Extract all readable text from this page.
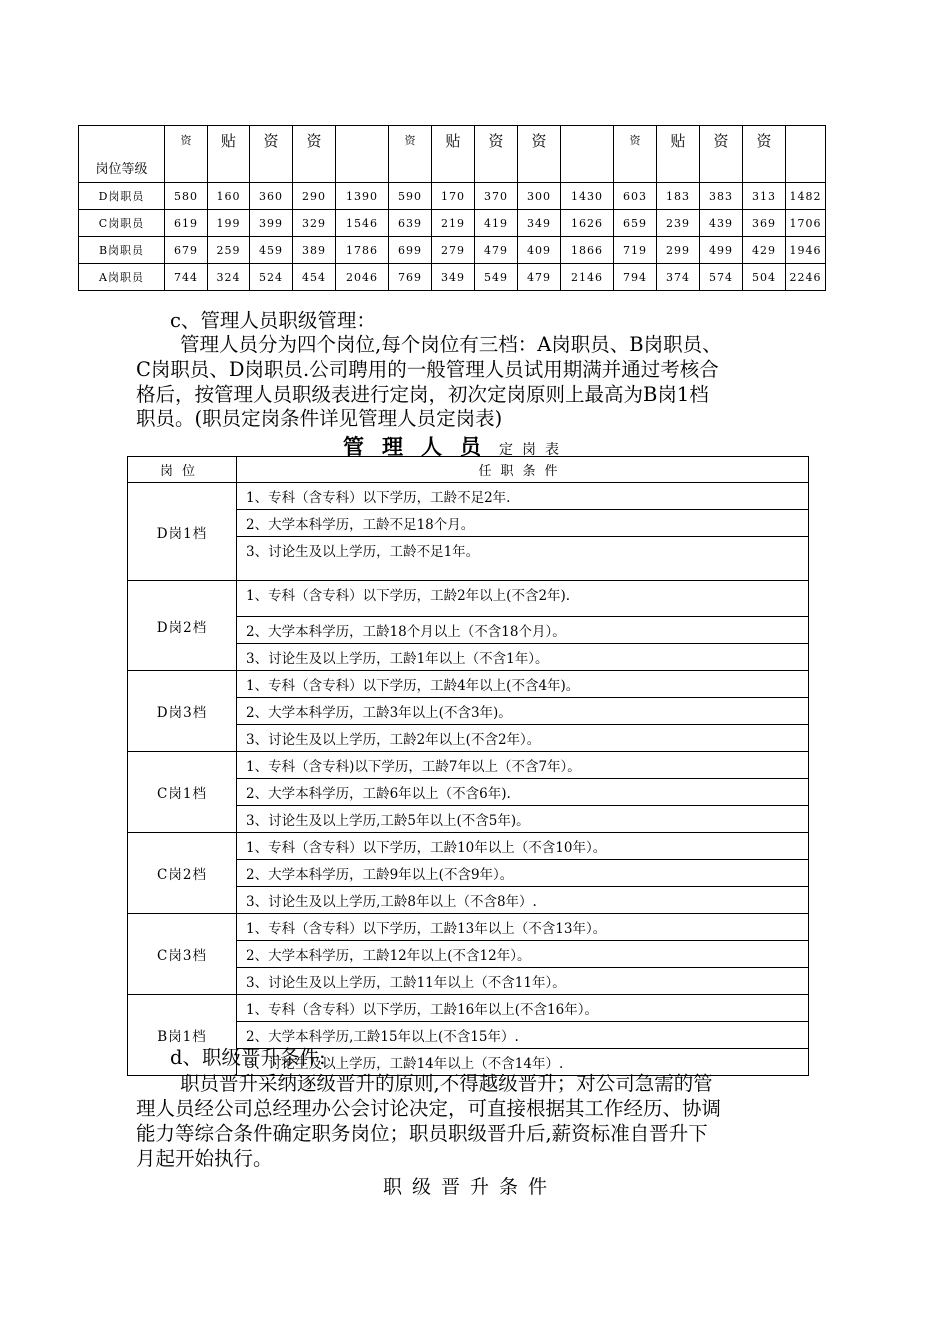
岗位等级	资	贴	资	资		资	贴	资	资		资	贴	资	资	
D岗职员	580	160	360	290	1390	590	170	370	300	1430	603	183	383	313	1482
C岗职员	619	199	399	329	1546	639	219	419	349	1626	659	239	439	369	1706
B岗职员	679	259	459	389	1786	699	279	479	409	1866	719	299	499	429	1946
A岗职员	744	324	524	454	2046	769	349	549	479	2146	794	374	574	504	2246
c、管理人员职级管理：
管理人员分为四个岗位,每个岗位有三档：A岗职员、B岗职员、
C岗职员、D岗职员.公司聘用的一般管理人员试用期满并通过考核合
格后，按管理人员职级表进行定岗，初次定岗原则上最高为B岗1档
职员。(职员定岗条件详见管理人员定岗表)
管理人员定岗表
岗位	任职条件
D岗1档	1、专科（含专科）以下学历，工龄不足2年.
	2、大学本科学历，工龄不足18个月。
	3、讨论生及以上学历，工龄不足1年。
D岗2档	1、专科（含专科）以下学历，工龄2年以上(不含2年).
	2、大学本科学历，工龄18个月以上（不含18个月）。
	3、讨论生及以上学历，工龄1年以上（不含1年）。
D岗3档	1、专科（含专科）以下学历，工龄4年以上(不含4年)。
	2、大学本科学历，工龄3年以上(不含3年)。
	3、讨论生及以上学历，工龄2年以上(不含2年）。
C岗1档	1、专科（含专科)以下学历，工龄7年以上（不含7年）。
	2、大学本科学历，工龄6年以上（不含6年).
	3、讨论生及以上学历,工龄5年以上(不含5年)。
C岗2档	1、专科（含专科）以下学历，工龄10年以上（不含10年）。
	2、大学本科学历，工龄9年以上(不含9年）。
	3、讨论生及以上学历,工龄8年以上（不含8年）.
C岗3档	1、专科（含专科）以下学历，工龄13年以上（不含13年）。
	2、大学本科学历，工龄12年以上(不含12年）。
	3、讨论生及以上学历，工龄11年以上（不含11年）。
B岗1档	1、专科（含专科）以下学历，工龄16年以上(不含16年）。
	2、大学本科学历,工龄15年以上(不含15年）.
	3、讨论生及以上学历，工龄14年以上（不含14年）.
d、职级晋升条件:
职员晋升采纳逐级晋升的原则,不得越级晋升；对公司急需的管
理人员经公司总经理办公会讨论决定，可直接根据其工作经历、协调
能力等综合条件确定职务岗位；职员职级晋升后,薪资标准自晋升下
月起开始执行。
职级晋升条件
